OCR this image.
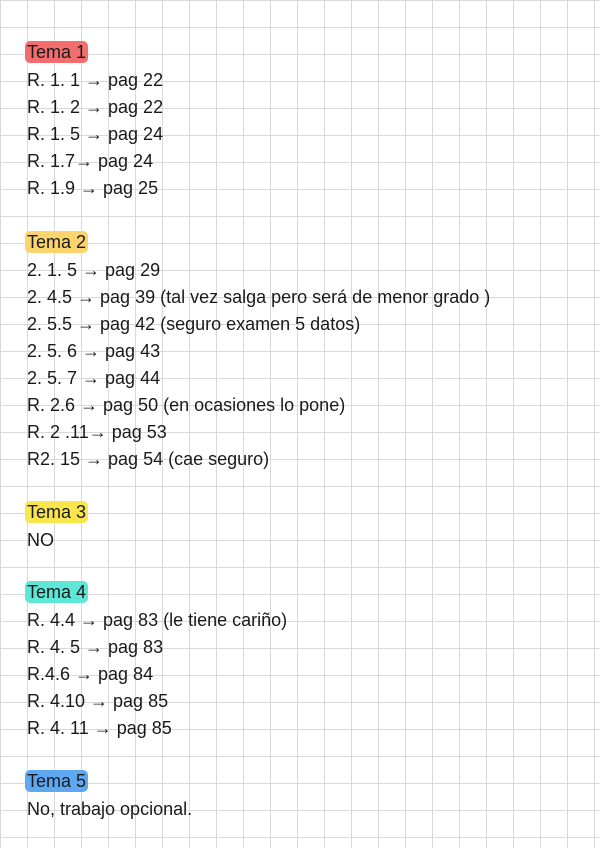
Tema 1
R. 1. 1 → pag 22
R. 1. 2 → pag 22
R. 1. 5 → pag 24
R. 1.7→ pag 24
R. 1.9 → pag 25
Tema 2
2. 1. 5 → pag 29
2. 4.5 → pag 39 (tal vez salga pero será de menor grado )
2. 5.5 → pag 42 (seguro examen 5 datos)
2. 5. 6 → pag 43
2. 5. 7 → pag 44
R. 2.6 → pag 50 (en ocasiones lo pone)
R. 2 .11→ pag 53
R2. 15 → pag 54 (cae seguro)
Tema 3
NO
Tema 4
R. 4.4 → pag 83 (le tiene cariño)
R. 4. 5 → pag 83
R.4.6 → pag 84
R. 4.10 → pag 85
R. 4. 11 → pag 85
Tema 5
No, trabajo opcional.
